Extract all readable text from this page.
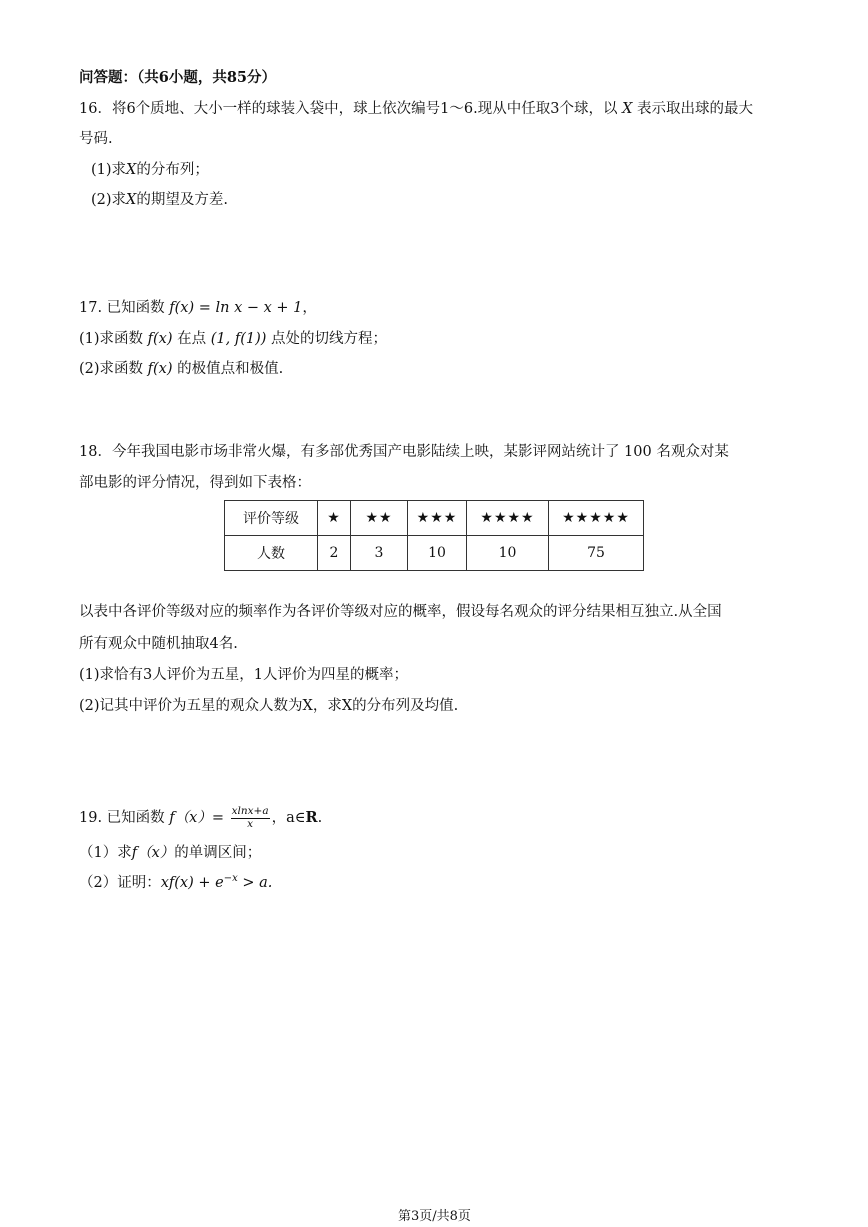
问答题：（共6小题，共85分）
16．将6个质地、大小一样的球装入袋中，球上依次编号1～6.现从中任取3个球，以 X 表示取出球的最大
号码.
(1)求X的分布列；
(2)求X的期望及方差.
17. 已知函数 f(x) = ln x − x + 1，
(1)求函数 f(x) 在点 (1, f(1)) 点处的切线方程；
(2)求函数 f(x) 的极值点和极值.
18．今年我国电影市场非常火爆，有多部优秀国产电影陆续上映，某影评网站统计了 100 名观众对某
部电影的评分情况，得到如下表格：
评价等级	★	★★	★★★	★★★★	★★★★★
人数	2	3	10	10	75
以表中各评价等级对应的频率作为各评价等级对应的概率，假设每名观众的评分结果相互独立.从全国
所有观众中随机抽取4名.
(1)求恰有3人评价为五星，1人评价为四星的概率；
(2)记其中评价为五星的观众人数为X，求X的分布列及均值.
19. 已知函数 $f(x)= \frac{xlnx+a}{x}$ ，a∈R.
（1）求f（x）的单调区间；
（2）证明：$xf(x) + e^{-x} > a$.
第3页/共8页
